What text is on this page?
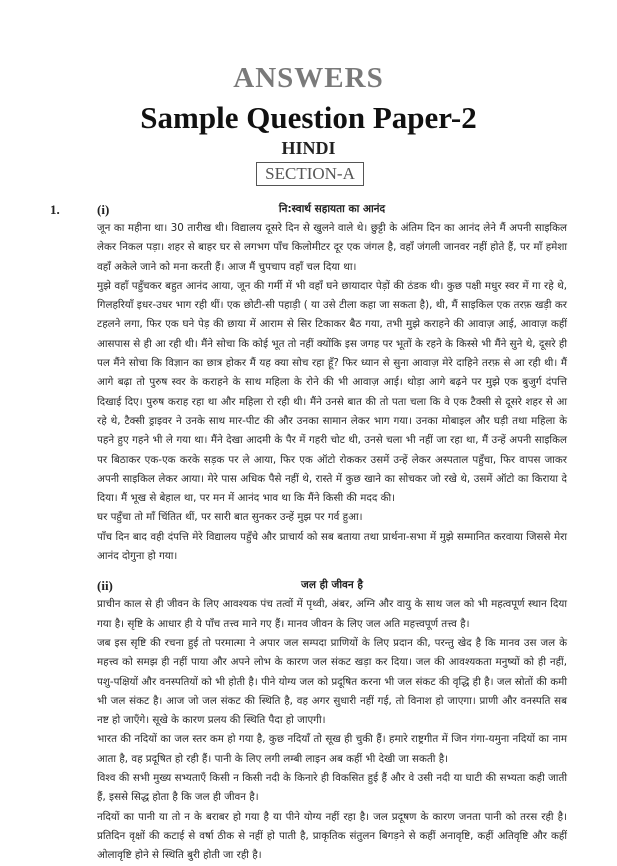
ANSWERS
Sample Question Paper-2
HINDI
SECTION-A
1.	(i)	नि:स्वार्थ सहायता का आनंद

जून का महीना था। 30 तारीख थी। विद्यालय दूसरे दिन से खुलने वाले थे। छुट्टी के अंतिम दिन का आनंद लेने मैं अपनी साइकिल लेकर निकल पड़ा। शहर से बाहर घर से लगभग पाँच किलोमीटर दूर एक जंगल है, वहाँ जंगली जानवर नहीं होते हैं, पर माँ हमेशा वहाँ अकेले जाने को मना करती हैं। आज मैं चुपचाप वहाँ चल दिया था।

मुझे वहाँ पहुँचकर बहुत आनंद आया, जून की गर्मी में भी वहाँ घने छायादार पेड़ों की ठंडक थी। कुछ पक्षी मधुर स्वर में गा रहे थे, गिलहरियाँ इधर-उधर भाग रही थीं। एक छोटी-सी पहाड़ी ( या उसे टीला कहा जा सकता है), थी, मैं साइकिल एक तरफ़ खड़ी कर टहलने लगा, फिर एक घने पेड़ की छाया में आराम से सिर टिकाकर बैठ गया, तभी मुझे कराहने की आवाज़ आई, आवाज़ कहीं आसपास से ही आ रही थी। मैंने सोचा कि कोई भूत तो नहीं क्योंकि इस जगह पर भूतों के रहने के किस्से भी मैंने सुने थे, दूसरे ही पल मैंने सोचा कि विज्ञान का छात्र होकर मैं यह क्या सोच रहा हूँ? फिर ध्यान से सुना आवाज़ मेरे दाहिने तरफ़ से आ रही थी। मैं आगे बढ़ा तो पुरुष स्वर के कराहने के साथ महिला के रोने की भी आवाज़ आई। थोड़ा आगे बढ़ने पर मुझे एक बुजुर्ग दंपत्ति दिखाई दिए। पुरुष कराह रहा था और महिला रो रही थी। मैंने उनसे बात की तो पता चला कि वे एक टैक्सी से दूसरे शहर से आ रहे थे, टैक्सी ड्राइवर ने उनके साथ मार-पीट की और उनका सामान लेकर भाग गया। उनका मोबाइल और घड़ी तथा महिला के पहने हुए गहने भी ले गया था। मैंने देखा आदमी के पैर में गहरी चोट थी, उनसे चला भी नहीं जा रहा था, मैं उन्हें अपनी साइकिल पर बिठाकर एक-एक करके सड़क पर ले आया, फिर एक ऑटो रोककर उसमें उन्हें लेकर अस्पताल पहुँचा, फिर वापस जाकर अपनी साइकिल लेकर आया। मेरे पास अधिक पैसे नहीं थे, रास्ते में कुछ खाने का सोचकर जो रखे थे, उसमें ऑटो का किराया दे दिया। मैं भूख से बेहाल था, पर मन में आनंद भाव था कि मैंने किसी की मदद की।

घर पहुँचा तो माँ चिंतित थीं, पर सारी बात सुनकर उन्हें मुझ पर गर्व हुआ।

पाँच दिन बाद वही दंपत्ति मेरे विद्यालय पहुँचे और प्राचार्य को सब बताया तथा प्रार्थना-सभा में मुझे सम्मानित करवाया जिससे मेरा आनंद दोगुना हो गया।

(ii)	जल ही जीवन है

प्राचीन काल से ही जीवन के लिए आवश्यक पंच तत्वों में पृथ्वी, अंबर, अग्नि और वायु के साथ जल को भी महत्वपूर्ण स्थान दिया गया है। सृष्टि के आधार ही ये पाँच तत्त्व माने गए हैं। मानव जीवन के लिए जल अति महत्त्वपूर्ण तत्त्व है।

जब इस सृष्टि की रचना हुई तो परमात्मा ने अपार जल सम्पदा प्राणियों के लिए प्रदान की, परन्तु खेद है कि मानव उस जल के महत्त्व को समझ ही नहीं पाया और अपने लोभ के कारण जल संकट खड़ा कर दिया। जल की आवश्यकता मनुष्यों को ही नहीं, पशु-पक्षियों और वनस्पतियों को भी होती है। पीने योग्य जल को प्रदूषित करना भी जल संकट की वृद्धि ही है। जल स्रोतों की कमी भी जल संकट है। आज जो जल संकट की स्थिति है, वह अगर सुधारी नहीं गई, तो विनाश हो जाएगा। प्राणी और वनस्पति सब नष्ट हो जाएँगे। सूखे के कारण प्रलय की स्थिति पैदा हो जाएगी।

भारत की नदियों का जल स्तर कम हो गया है, कुछ नदियाँ तो सूख ही चुकी हैं। हमारे राष्ट्रगीत में जिन गंगा-यमुना नदियों का नाम आता है, वह प्रदूषित हो रही हैं। पानी के लिए लगी लम्बी लाइन अब कहीं भी देखी जा सकती है।

विश्व की सभी मुख्य सभ्यताएँ किसी न किसी नदी के किनारे ही विकसित हुई हैं और वे उसी नदी या घाटी की सभ्यता कही जाती हैं, इससे सिद्ध होता है कि जल ही जीवन है।

नदियों का पानी या तो न के बराबर हो गया है या पीने योग्य नहीं रहा है। जल प्रदूषण के कारण जनता पानी को तरस रही है। प्रतिदिन वृक्षों की कटाई से वर्षा ठीक से नहीं हो पाती है, प्राकृतिक संतुलन बिगड़ने से कहीं अनावृष्टि, कहीं अतिवृष्टि और कहीं ओलावृष्टि होने से स्थिति बुरी होती जा रही है।
